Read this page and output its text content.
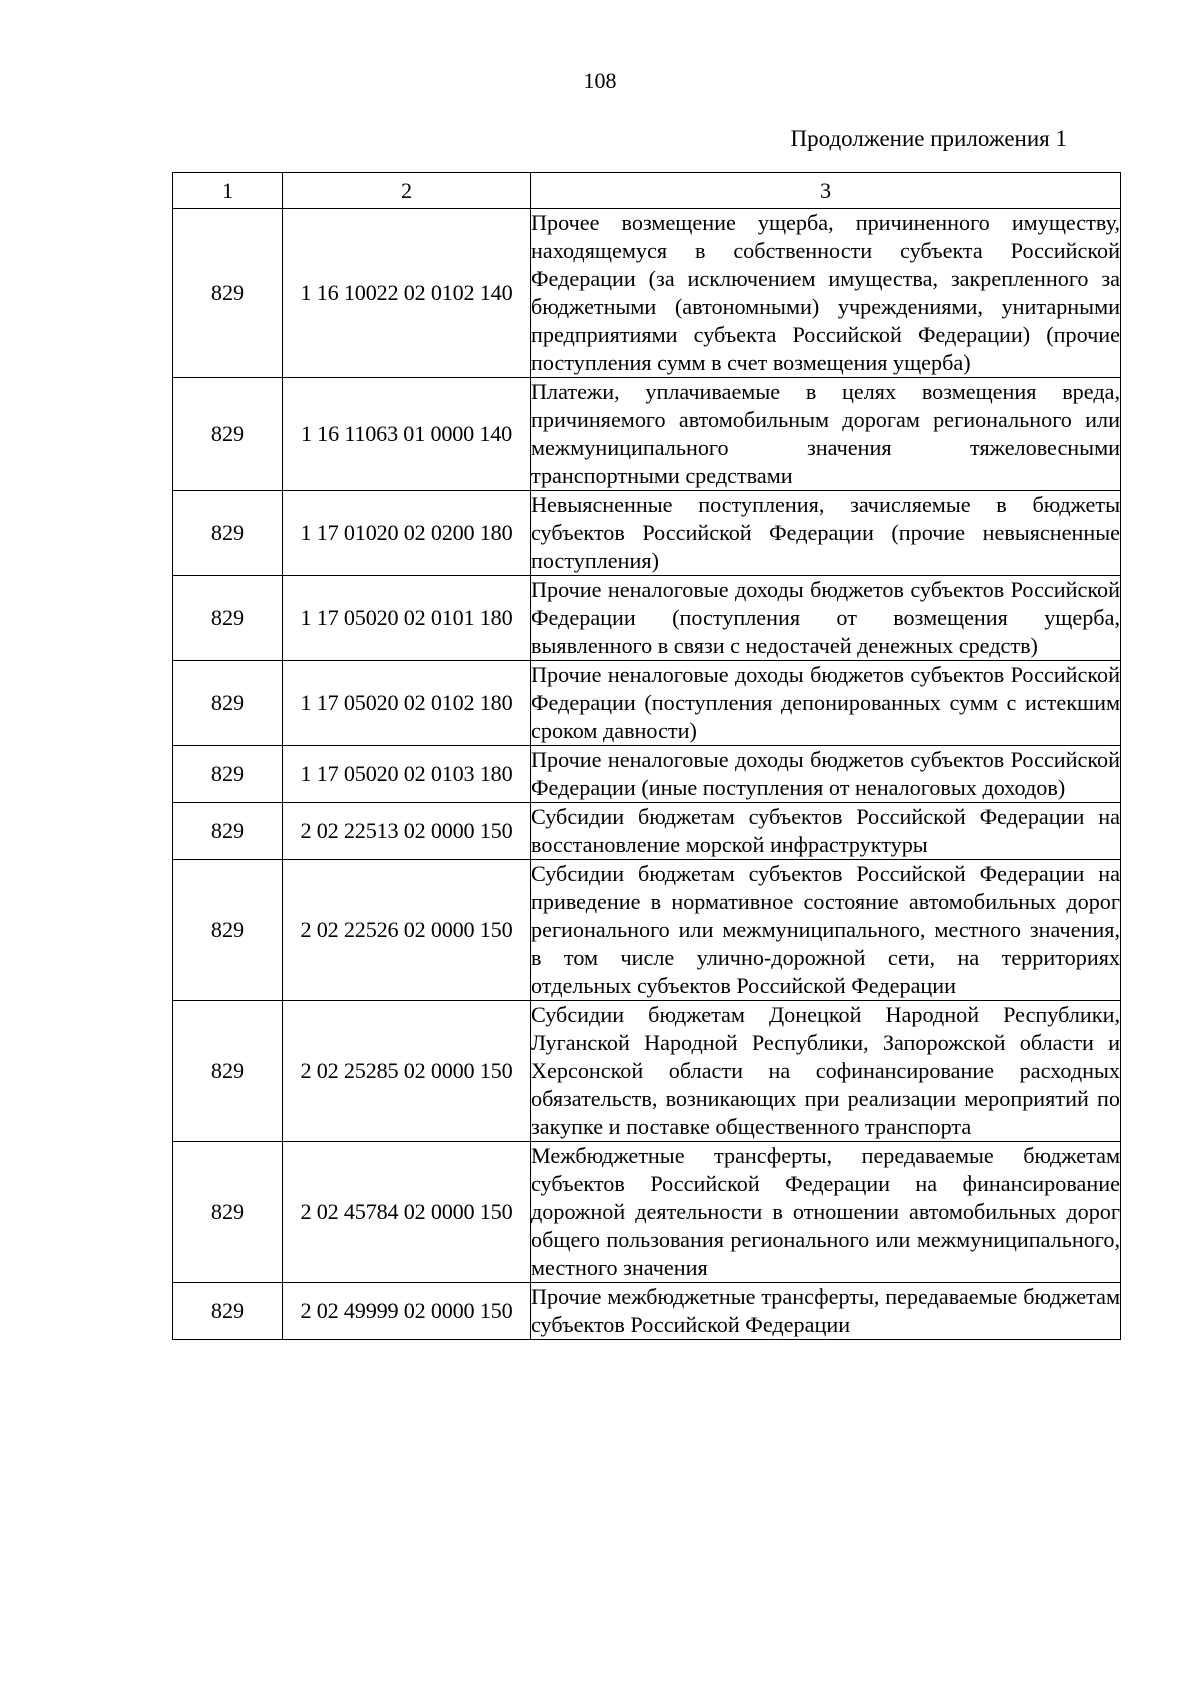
108
Продолжение приложения 1
1	2	3
829	1 16 10022 02 0102 140	Прочее возмещение ущерба, причиненного имуществу, находящемуся в собственности субъекта Российской Федерации (за исключением имущества, закрепленного за бюджетными (автономными) учреждениями, унитарными предприятиями субъекта Российской Федерации) (прочие поступления сумм в счет возмещения ущерба)
829	1 16 11063 01 0000 140	Платежи, уплачиваемые в целях возмещения вреда, причиняемого автомобильным дорогам регионального или межмуниципального значения тяжеловесными транспортными средствами
829	1 17 01020 02 0200 180	Невыясненные поступления, зачисляемые в бюджеты субъектов Российской Федерации (прочие невыясненные поступления)
829	1 17 05020 02 0101 180	Прочие неналоговые доходы бюджетов субъектов Российской Федерации (поступления от возмещения ущерба, выявленного в связи с недостачей денежных средств)
829	1 17 05020 02 0102 180	Прочие неналоговые доходы бюджетов субъектов Российской Федерации (поступления депонированных сумм с истекшим сроком давности)
829	1 17 05020 02 0103 180	Прочие неналоговые доходы бюджетов субъектов Российской Федерации (иные поступления от неналоговых доходов)
829	2 02 22513 02 0000 150	Субсидии бюджетам субъектов Российской Федерации на восстановление морской инфраструктуры
829	2 02 22526 02 0000 150	Субсидии бюджетам субъектов Российской Федерации на приведение в нормативное состояние автомобильных дорог регионального или межмуниципального, местного значения, в том числе улично-дорожной сети, на территориях отдельных субъектов Российской Федерации
829	2 02 25285 02 0000 150	Субсидии бюджетам Донецкой Народной Республики, Луганской Народной Республики, Запорожской области и Херсонской области на софинансирование расходных обязательств, возникающих при реализации мероприятий по закупке и поставке общественного транспорта
829	2 02 45784 02 0000 150	Межбюджетные трансферты, передаваемые бюджетам субъектов Российской Федерации на финансирование дорожной деятельности в отношении автомобильных дорог общего пользования регионального или межмуниципального, местного значения
829	2 02 49999 02 0000 150	Прочие межбюджетные трансферты, передаваемые бюджетам субъектов Российской Федерации
